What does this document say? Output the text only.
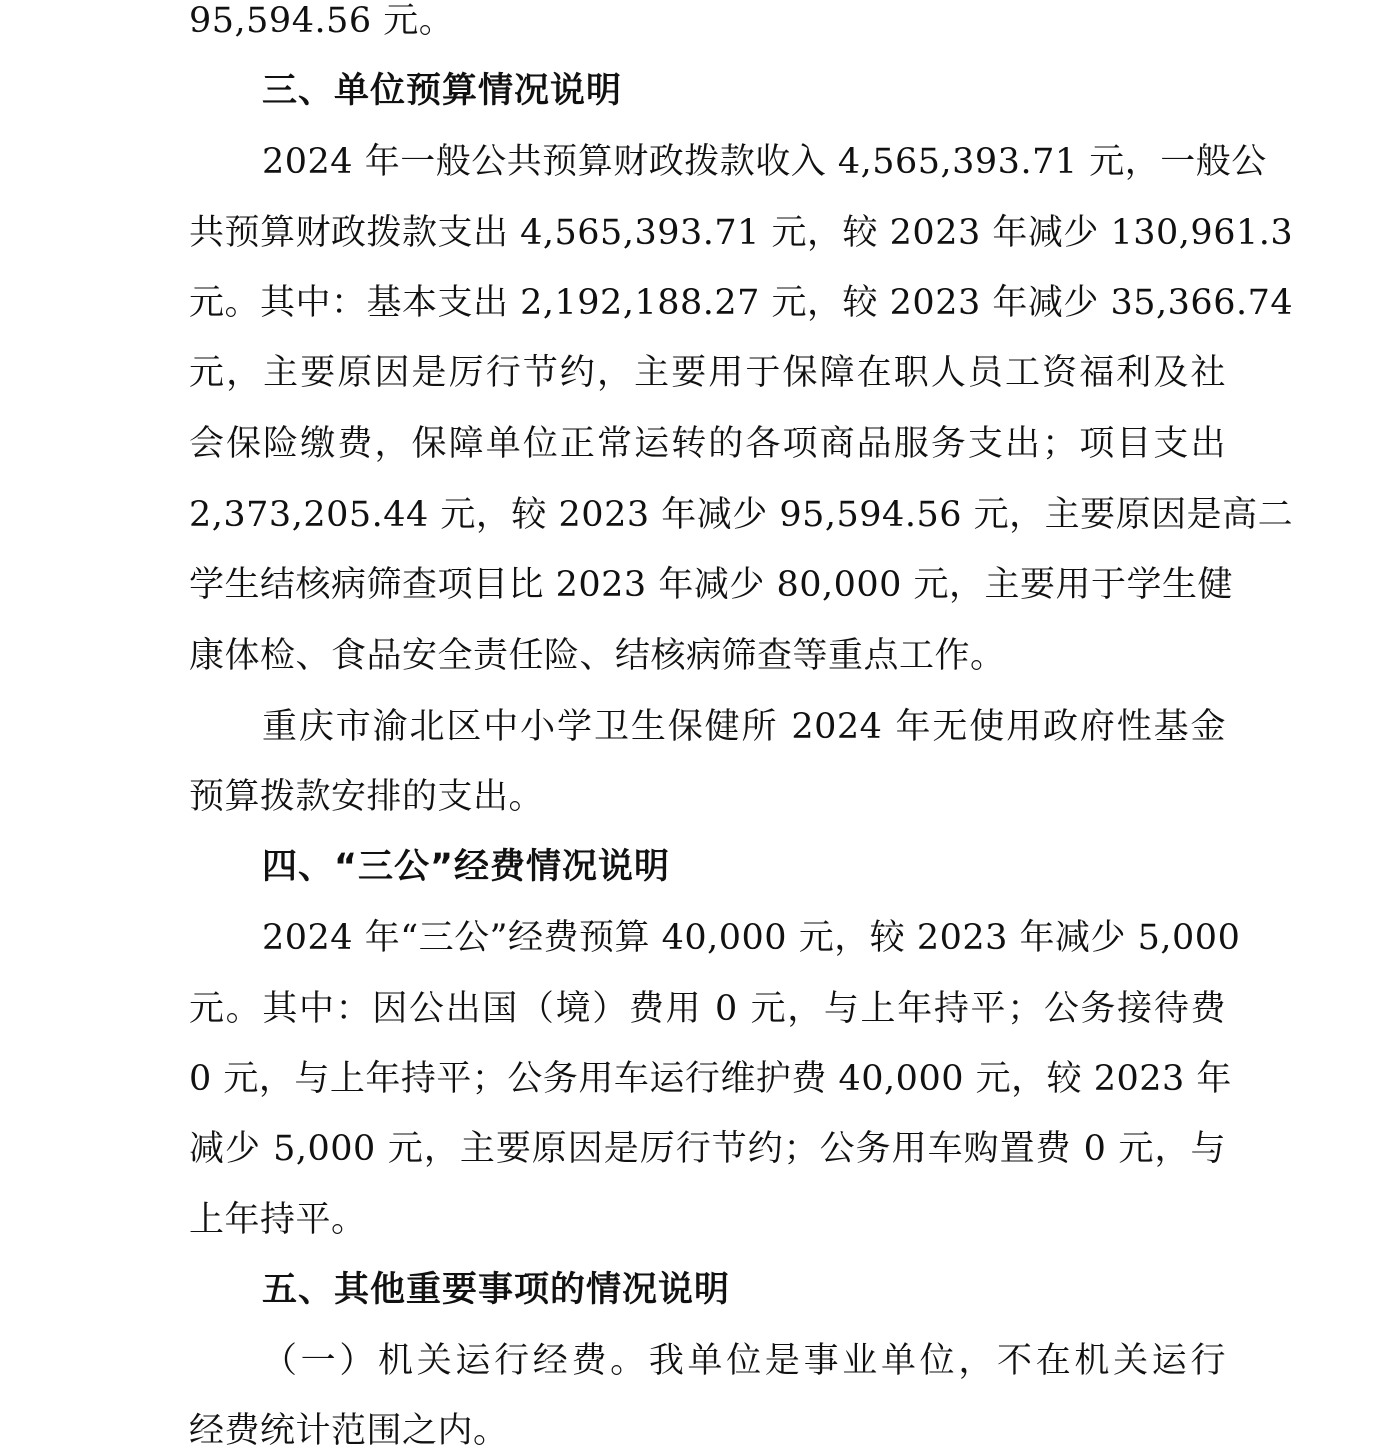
95,594.56 元。
三、单位预算情况说明
2024 年一般公共预算财政拨款收入 4,565,393.71 元，一般公
共预算财政拨款支出 4,565,393.71 元，较 2023 年减少 130,961.3
元。其中：基本支出 2,192,188.27 元，较 2023 年减少 35,366.74
元，主要原因是厉行节约，主要用于保障在职人员工资福利及社
会保险缴费，保障单位正常运转的各项商品服务支出；项目支出
2,373,205.44 元，较 2023 年减少 95,594.56 元，主要原因是高二
学生结核病筛查项目比 2023 年减少 80,000 元，主要用于学生健
康体检、食品安全责任险、结核病筛查等重点工作。
重庆市渝北区中小学卫生保健所 2024 年无使用政府性基金
预算拨款安排的支出。
四、“三公”经费情况说明
2024 年“三公”经费预算 40,000 元，较 2023 年减少 5,000
元。其中：因公出国（境）费用 0 元，与上年持平；公务接待费
0 元，与上年持平；公务用车运行维护费 40,000 元，较 2023 年
减少 5,000 元，主要原因是厉行节约；公务用车购置费 0 元，与
上年持平。
五、其他重要事项的情况说明
（一）机关运行经费。我单位是事业单位，不在机关运行
经费统计范围之内。
